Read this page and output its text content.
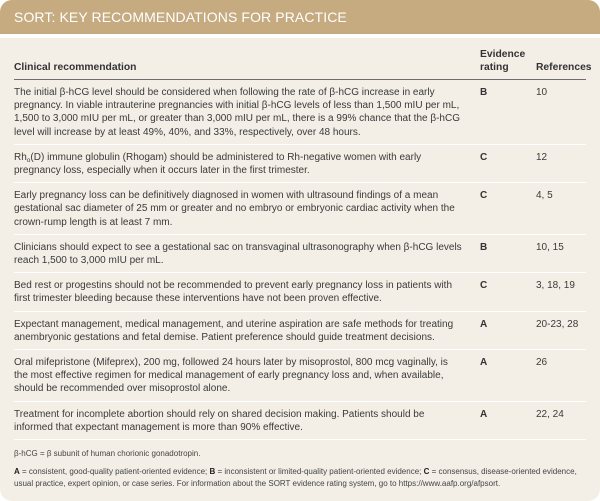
SORT: KEY RECOMMENDATIONS FOR PRACTICE
Clinical recommendation
Evidence
rating	References
The initial β-hCG level should be considered when following the rate of β-hCG increase in early pregnancy. In viable intrauterine pregnancies with initial β-hCG levels of less than 1,500 mIU per mL, 1,500 to 3,000 mIU per mL, or greater than 3,000 mIU per mL, there is a 99% chance that the β-hCG level will increase by at least 49%, 40%, and 33%, respectively, over 48 hours.
B	10
$Rh_o(D)$ immune globulin (Rhogam) should be administered to Rh-negative women with early pregnancy loss, especially when it occurs later in the first trimester.
C	12
Early pregnancy loss can be definitively diagnosed in women with ultrasound findings of a mean gestational sac diameter of 25 mm or greater and no embryo or embryonic cardiac activity when the crown-rump length is at least 7 mm.
C	4, 5
Clinicians should expect to see a gestational sac on transvaginal ultrasonography when β-hCG levels reach 1,500 to 3,000 mIU per mL.
B	10, 15
Bed rest or progestins should not be recommended to prevent early pregnancy loss in patients with first trimester bleeding because these interventions have not been proven effective.
C	3, 18, 19
Expectant management, medical management, and uterine aspiration are safe methods for treating anembryonic gestations and fetal demise. Patient preference should guide treatment decisions.
A	20-23, 28
Oral mifepristone (Mifeprex), 200 mg, followed 24 hours later by misoprostol, 800 mcg vaginally, is the most effective regimen for medical management of early pregnancy loss and, when available, should be recommended over misoprostol alone.
A	26
Treatment for incomplete abortion should rely on shared decision making. Patients should be informed that expectant management is more than 90% effective.
A	22, 24
β-hCG = β subunit of human chorionic gonadotropin.
A = consistent, good-quality patient-oriented evidence; B = inconsistent or limited-quality patient-oriented evidence; C = consensus, disease-oriented evidence, usual practice, expert opinion, or case series. For information about the SORT evidence rating system, go to https://www.aafp.org/afpsort.
